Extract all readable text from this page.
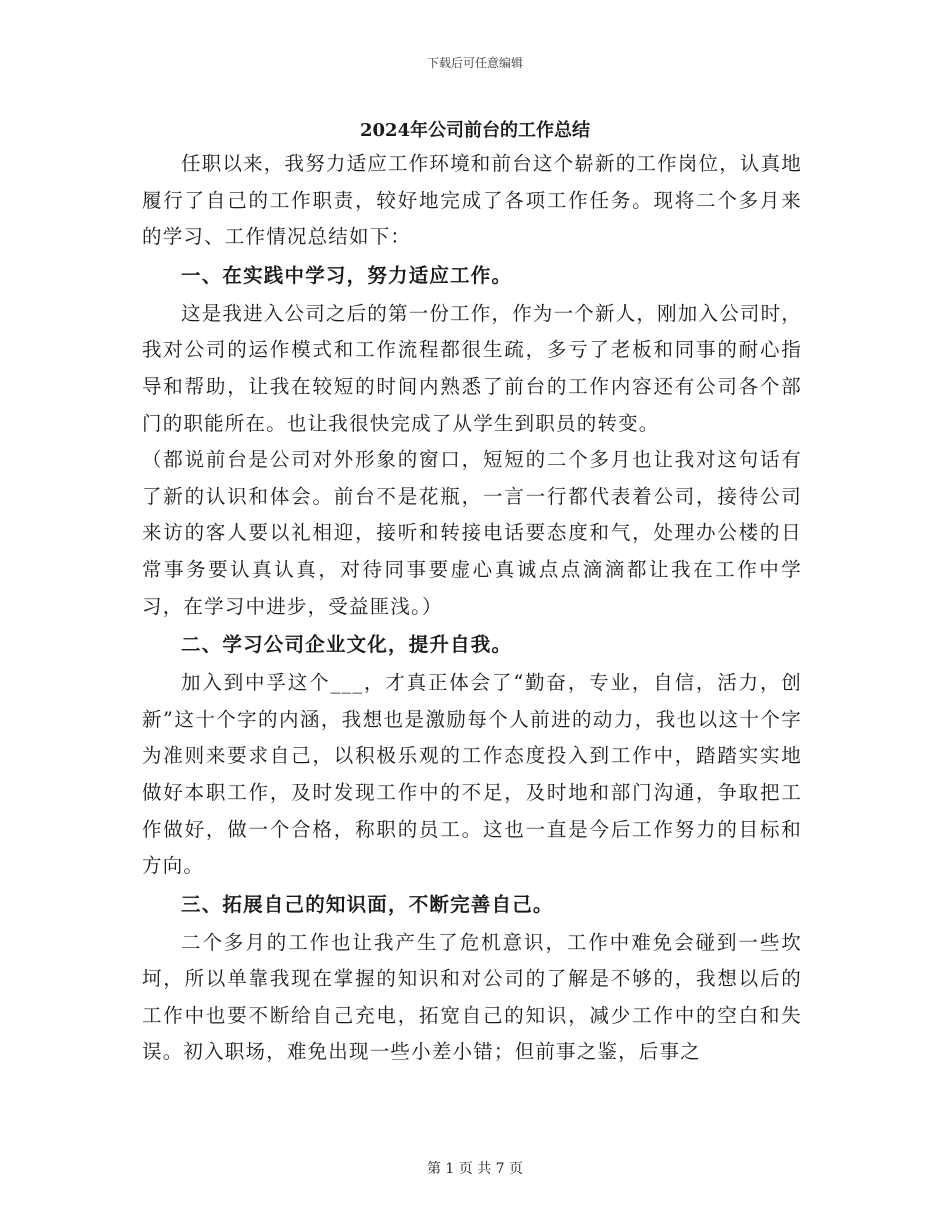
下载后可任意编辑
2024年公司前台的工作总结

任职以来，我努力适应工作环境和前台这个崭新的工作岗位，认真地履行了自己的工作职责，较好地完成了各项工作任务。现将二个多月来的学习、工作情况总结如下：

一、在实践中学习，努力适应工作。

这是我进入公司之后的第一份工作，作为一个新人，刚加入公司时，我对公司的运作模式和工作流程都很生疏，多亏了老板和同事的耐心指导和帮助，让我在较短的时间内熟悉了前台的工作内容还有公司各个部门的职能所在。也让我很快完成了从学生到职员的转变。

（都说前台是公司对外形象的窗口，短短的二个多月也让我对这句话有了新的认识和体会。前台不是花瓶，一言一行都代表着公司，接待公司来访的客人要以礼相迎，接听和转接电话要态度和气，处理办公楼的日常事务要认真认真，对待同事要虚心真诚点点滴滴都让我在工作中学习，在学习中进步，受益匪浅。）

二、学习公司企业文化，提升自我。

加入到中孚这个___，才真正体会了“勤奋，专业，自信，活力，创新”这十个字的内涵，我想也是激励每个人前进的动力，我也以这十个字为准则来要求自己，以积极乐观的工作态度投入到工作中，踏踏实实地做好本职工作，及时发现工作中的不足，及时地和部门沟通，争取把工作做好，做一个合格，称职的员工。这也一直是今后工作努力的目标和方向。

三、拓展自己的知识面，不断完善自己。

二个多月的工作也让我产生了危机意识，工作中难免会碰到一些坎坷，所以单靠我现在掌握的知识和对公司的了解是不够的，我想以后的工作中也要不断给自己充电，拓宽自己的知识，减少工作中的空白和失误。初入职场，难免出现一些小差小错；但前事之鉴，后事之

第 1 页 共 7 页
